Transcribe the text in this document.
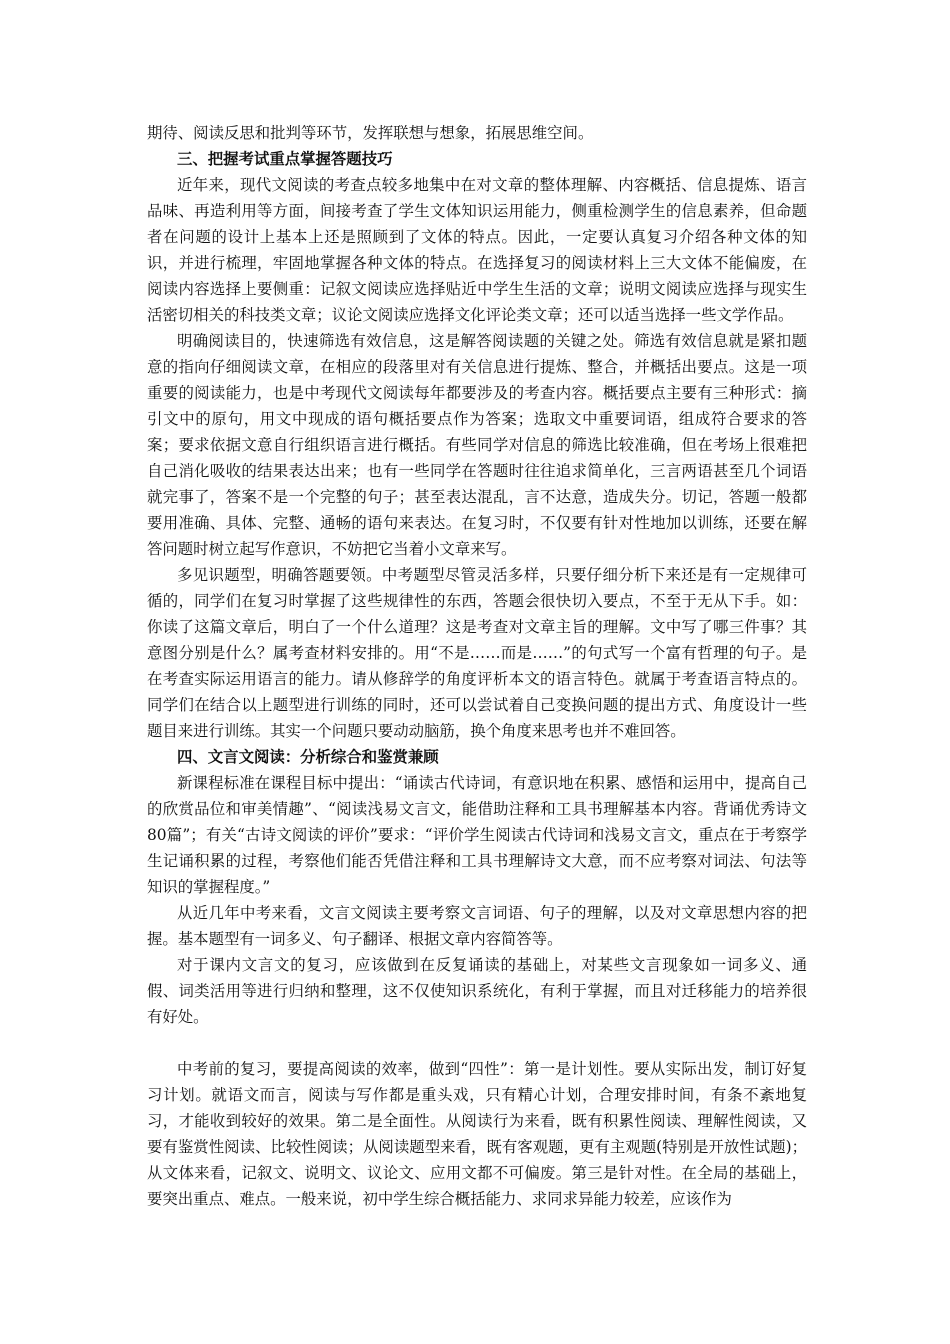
期待、阅读反思和批判等环节，发挥联想与想象，拓展思维空间。

三、把握考试重点掌握答题技巧

近年来，现代文阅读的考查点较多地集中在对文章的整体理解、内容概括、信息提炼、语言品味、再造利用等方面，间接考查了学生文体知识运用能力，侧重检测学生的信息素养，但命题者在问题的设计上基本上还是照顾到了文体的特点。因此，一定要认真复习介绍各种文体的知识，并进行梳理，牢固地掌握各种文体的特点。在选择复习的阅读材料上三大文体不能偏废，在阅读内容选择上要侧重：记叙文阅读应选择贴近中学生生活的文章；说明文阅读应选择与现实生活密切相关的科技类文章；议论文阅读应选择文化评论类文章；还可以适当选择一些文学作品。

明确阅读目的，快速筛选有效信息，这是解答阅读题的关键之处。筛选有效信息就是紧扣题意的指向仔细阅读文章，在相应的段落里对有关信息进行提炼、整合，并概括出要点。这是一项重要的阅读能力，也是中考现代文阅读每年都要涉及的考查内容。概括要点主要有三种形式：摘引文中的原句，用文中现成的语句概括要点作为答案；选取文中重要词语，组成符合要求的答案；要求依据文意自行组织语言进行概括。有些同学对信息的筛选比较准确，但在考场上很难把自己消化吸收的结果表达出来；也有一些同学在答题时往往追求简单化，三言两语甚至几个词语就完事了，答案不是一个完整的句子；甚至表达混乱，言不达意，造成失分。切记，答题一般都要用准确、具体、完整、通畅的语句来表达。在复习时，不仅要有针对性地加以训练，还要在解答问题时树立起写作意识，不妨把它当着小文章来写。

多见识题型，明确答题要领。中考题型尽管灵活多样，只要仔细分析下来还是有一定规律可循的，同学们在复习时掌握了这些规律性的东西，答题会很快切入要点，不至于无从下手。如：你读了这篇文章后，明白了一个什么道理？这是考查对文章主旨的理解。文中写了哪三件事？其意图分别是什么？属考查材料安排的。用“不是……而是……”的句式写一个富有哲理的句子。是在考查实际运用语言的能力。请从修辞学的角度评析本文的语言特色。就属于考查语言特点的。同学们在结合以上题型进行训练的同时，还可以尝试着自己变换问题的提出方式、角度设计一些题目来进行训练。其实一个问题只要动动脑筋，换个角度来思考也并不难回答。

四、文言文阅读：分析综合和鉴赏兼顾

新课程标准在课程目标中提出：“诵读古代诗词，有意识地在积累、感悟和运用中，提高自己的欣赏品位和审美情趣”、“阅读浅易文言文，能借助注释和工具书理解基本内容。背诵优秀诗文80篇”；有关“古诗文阅读的评价”要求：“评价学生阅读古代诗词和浅易文言文，重点在于考察学生记诵积累的过程，考察他们能否凭借注释和工具书理解诗文大意，而不应考察对词法、句法等知识的掌握程度。”

从近几年中考来看，文言文阅读主要考察文言词语、句子的理解，以及对文章思想内容的把握。基本题型有一词多义、句子翻译、根据文章内容简答等。

对于课内文言文的复习，应该做到在反复诵读的基础上，对某些文言现象如一词多义、通假、词类活用等进行归纳和整理，这不仅使知识系统化，有利于掌握，而且对迁移能力的培养很有好处。

中考前的复习，要提高阅读的效率，做到“四性”：第一是计划性。要从实际出发，制订好复习计划。就语文而言，阅读与写作都是重头戏，只有精心计划，合理安排时间，有条不紊地复习，才能收到较好的效果。第二是全面性。从阅读行为来看，既有积累性阅读、理解性阅读，又要有鉴赏性阅读、比较性阅读；从阅读题型来看，既有客观题，更有主观题(特别是开放性试题)；从文体来看，记叙文、说明文、议论文、应用文都不可偏废。第三是针对性。在全局的基础上，要突出重点、难点。一般来说，初中学生综合概括能力、求同求异能力较差，应该作为
